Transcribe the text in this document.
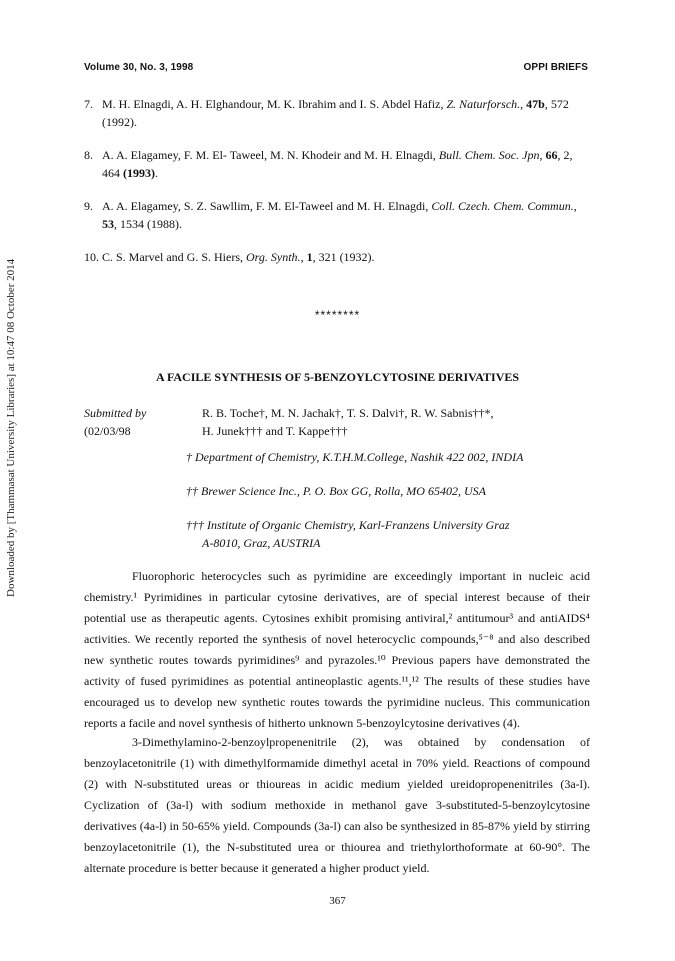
Volume 30, No. 3, 1998	OPPI BRIEFS
7. M. H. Elnagdi, A. H. Elghandour, M. K. Ibrahim and I. S. Abdel Hafiz, Z. Naturforsch., 47b, 572 (1992).
8. A. A. Elagamey, F. M. El- Taweel, M. N. Khodeir and M. H. Elnagdi, Bull. Chem. Soc. Jpn, 66, 2, 464 (1993).
9. A. A. Elagamey, S. Z. Sawllim, F. M. El-Taweel and M. H. Elnagdi, Coll. Czech. Chem. Commun., 53, 1534 (1988).
10. C. S. Marvel and G. S. Hiers, Org. Synth., 1, 321 (1932).
Downloaded by [Thammasat University Libraries] at 10:47 08 October 2014	********
A FACILE SYNTHESIS OF 5-BENZOYLCYTOSINE DERIVATIVES
Submitted by
(02/03/98
R. B. Toche†, M. N. Jachak†, T. S. Dalvi†, R. W. Sabnis††*,
H. Junek††† and T. Kappe†††
† Department of Chemistry, K.T.H.M.College, Nashik 422 002, INDIA
†† Brewer Science Inc., P. O. Box GG, Rolla, MO 65402, USA
††† Institute of Organic Chemistry, Karl-Franzens University Graz
A-8010, Graz, AUSTRIA

Fluorophoric heterocycles such as pyrimidine are exceedingly important in nucleic acid chemistry.¹ Pyrimidines in particular cytosine derivatives, are of special interest because of their potential use as therapeutic agents. Cytosines exhibit promising antiviral,² antitumour³ and antiAIDS⁴ activities. We recently reported the synthesis of novel heterocyclic compounds,⁵⁻⁸ and also described new synthetic routes towards pyrimidines⁹ and pyrazoles.¹⁰ Previous papers have demonstrated the activity of fused pyrimidines as potential antineoplastic agents.¹¹,¹² The results of these studies have encouraged us to develop new synthetic routes towards the pyrimidine nucleus. This communication reports a facile and novel synthesis of hitherto unknown 5-benzoylcytosine derivatives (4).

3-Dimethylamino-2-benzoylpropenenitrile (2), was obtained by condensation of benzoylacetonitrile (1) with dimethylformamide dimethyl acetal in 70% yield. Reactions of compound (2) with N-substituted ureas or thioureas in acidic medium yielded ureidopropenenitriles (3a-l). Cyclization of (3a-l) with sodium methoxide in methanol gave 3-substituted-5-benzoylcytosine derivatives (4a-l) in 50-65% yield. Compounds (3a-l) can also be synthesized in 85-87% yield by stirring benzoylacetonitrile (1), the N-substituted urea or thiourea and triethylorthoformate at 60-90°. The alternate procedure is better because it generated a higher product yield.

367
